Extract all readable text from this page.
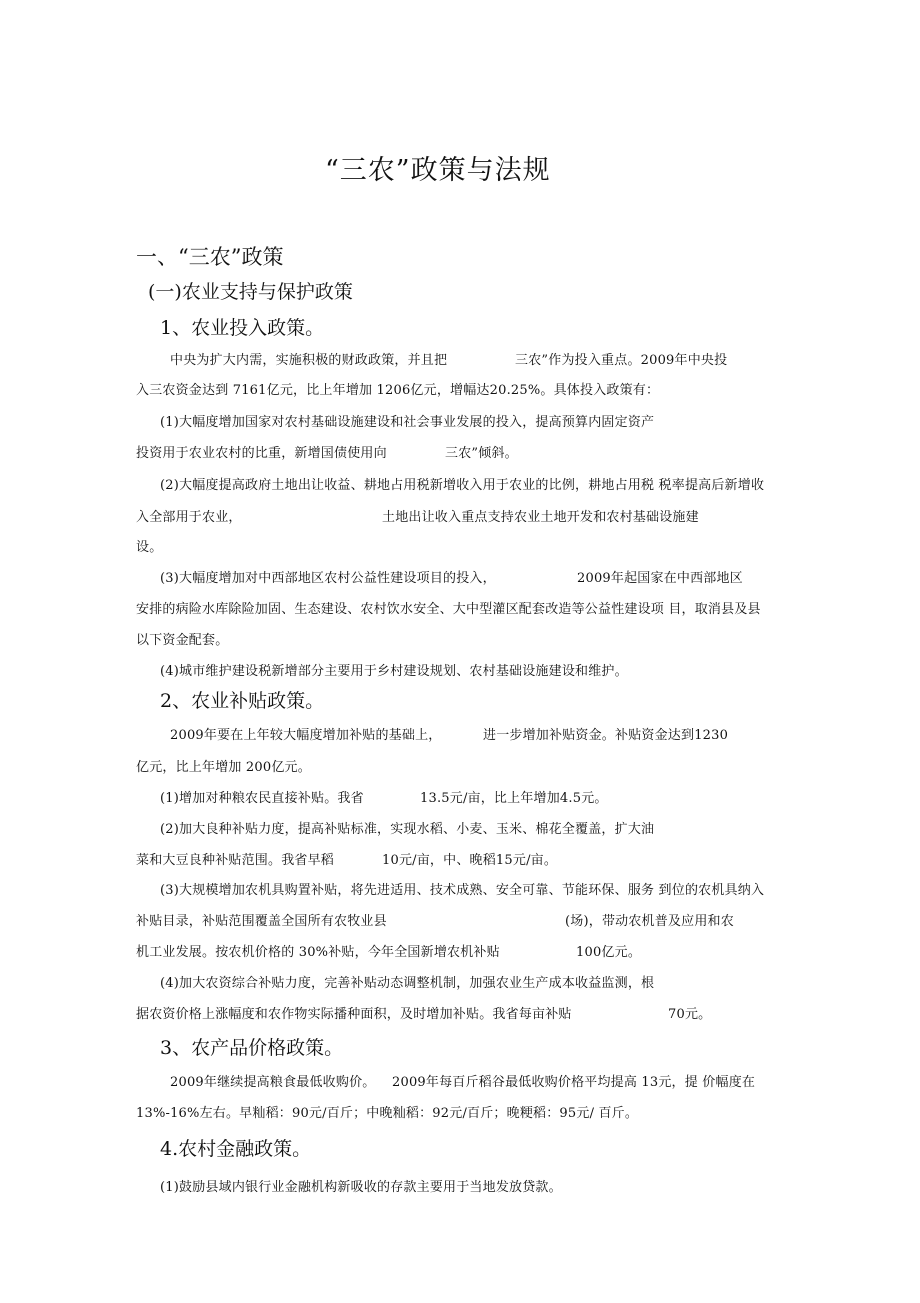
“三农”政策与法规
一、“三农”政策
(一)农业支持与保护政策
1、农业投入政策。
中央为扩大内需，实施积极的财政政策，并且把	三农”作为投入重点。2009年中央投
入三农资金达到 7161亿元，比上年增加 1206亿元，增幅达20.25%。具体投入政策有：
(1)大幅度增加国家对农村基础设施建设和社会事业发展的投入，提高预算内固定资产
投资用于农业农村的比重，新增国债使用向	三农”倾斜。
(2)大幅度提高政府土地出让收益、耕地占用税新增收入用于农业的比例，耕地占用税 税率提高后新增收
入全部用于农业，	土地出让收入重点支持农业土地开发和农村基础设施建
设。
(3)大幅度增加对中西部地区农村公益性建设项目的投入，	2009年起国家在中西部地区
安排的病险水库除险加固、生态建设、农村饮水安全、大中型灌区配套改造等公益性建设项 目，取消县及县
以下资金配套。
(4)城市维护建设税新增部分主要用于乡村建设规划、农村基础设施建设和维护。
2、农业补贴政策。
2009年要在上年较大幅度增加补贴的基础上，	进一步增加补贴资金。补贴资金达到1230
亿元，比上年增加 200亿元。
(1)增加对种粮农民直接补贴。我省	13.5元/亩，比上年增加4.5元。
(2)加大良种补贴力度，提高补贴标准，实现水稻、小麦、玉米、棉花全覆盖，扩大油
菜和大豆良种补贴范围。我省早稻	10元/亩，中、晚稻15元/亩。
(3)大规模增加农机具购置补贴，将先进适用、技术成熟、安全可靠、节能环保、服务 到位的农机具纳入
补贴目录，补贴范围覆盖全国所有农牧业县	(场)，带动农机普及应用和农
机工业发展。按农机价格的 30%补贴，今年全国新增农机补贴	100亿元。
(4)加大农资综合补贴力度，完善补贴动态调整机制，加强农业生产成本收益监测，根
据农资价格上涨幅度和农作物实际播种面积，及时增加补贴。我省每亩补贴	70元。
3、农产品价格政策。
2009年继续提高粮食最低收购价。 2009年每百斤稻谷最低收购价格平均提高 13元，提 价幅度在
13%-16%左右。早籼稻：90元/百斤；中晚籼稻：92元/百斤；晚粳稻：95元/ 百斤。
4.农村金融政策。
(1)鼓励县域内银行业金融机构新吸收的存款主要用于当地发放贷款。
